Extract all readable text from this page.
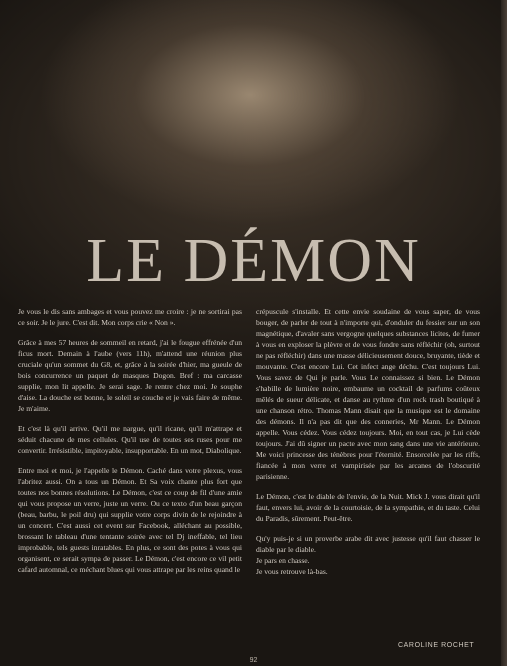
LE DÉMON

Je vous le dis sans ambages et vous pouvez me croire : je ne sortirai pas ce soir. Je le jure. C'est dit. Mon corps crie « Non ».

Grâce à mes 57 heures de sommeil en retard, j'ai le fougue effrénée d'un ficus mort. Demain à l'aube (vers 11h), m'attend une réunion plus cruciale qu'un sommet du G8, et, grâce à la soirée d'hier, ma gueule de bois concurrence un paquet de masques Dogon. Bref : ma carcasse supplie, mon lit appelle. Je serai sage. Je rentre chez moi. Je souphe d'aise. La douche est bonne, le soleil se couche et je vais faire de même. Je m'aime.

Et c'est là qu'il arrive. Qu'il me nargue, qu'il ricane, qu'il m'attrape et séduit chacune de mes cellules. Qu'il use de toutes ses ruses pour me convertir. Irrésistible, impitoyable, insupportable. En un mot, Diabolique.

Entre moi et moi, je l'appelle le Démon. Caché dans votre plexus, vous l'abritez aussi. On a tous un Démon. Et Sa voix chante plus fort que toutes nos bonnes résolutions. Le Démon, c'est ce coup de fil d'une amie qui vous propose un verre, juste un verre. Ou ce texto d'un beau garçon (beau, barbu, le poil dru) qui supplie votre corps divin de le rejoindre à un concert. C'est aussi cet event sur Facebook, alléchant au possible, brossant le tableau d'une tentante soirée avec tel Dj ineffable, tel lieu improbable, tels guests inratables. En plus, ce sont des potes à vous qui organisent, ce serait sympa de passer. Le Démon, c'est encore ce vil petit cafard automnal, ce méchant blues qui vous attrape par les reins quand le

crépuscule s'installe. Et cette envie soudaine de vous saper, de vous bouger, de parler de tout à n'importe qui, d'onduler du fessier sur un son magnétique, d'avaler sans vergogne quelques substances licites, de fumer à vous en exploser la plèvre et de vous fondre sans réfléchir (oh, surtout ne pas réfléchir) dans une masse délicieusement douce, bruyante, tiède et mouvante. C'est encore Lui. Cet infect ange déchu. C'est toujours Lui. Vous savez de Qui je parle. Vous Le connaissez si bien. Le Démon s'habille de lumière noire, embaume un cocktail de parfums coûteux mêlés de sueur délicate, et danse au rythme d'un rock trash boutiqué à une chanson rétro. Thomas Mann disait que la musique est le domaine des démons. Il n'a pas dit que des conneries, Mr Mann. Le Démon appelle. Vous cédez. Vous cédez toujours. Moi, en tout cas, je Lui cède toujours. J'ai dû signer un pacte avec mon sang dans une vie antérieure. Me voici princesse des ténèbres pour l'éternité. Ensorcelée par les riffs, fiancée à mon verre et vampirisée par les arcanes de l'obscurité parisienne.

Le Démon, c'est le diable de l'envie, de la Nuit. Mick J. vous dirait qu'il faut, envers lui, avoir de la courtoisie, de la sympathie, et du taste. Celui du Paradis, sûrement. Peut-être.

Qu'y puis-je si un proverbe arabe dit avec justesse qu'il faut chasser le diable par le diable.
Je pars en chasse.
Je vous retrouve là-bas.

CAROLINE ROCHET
92
